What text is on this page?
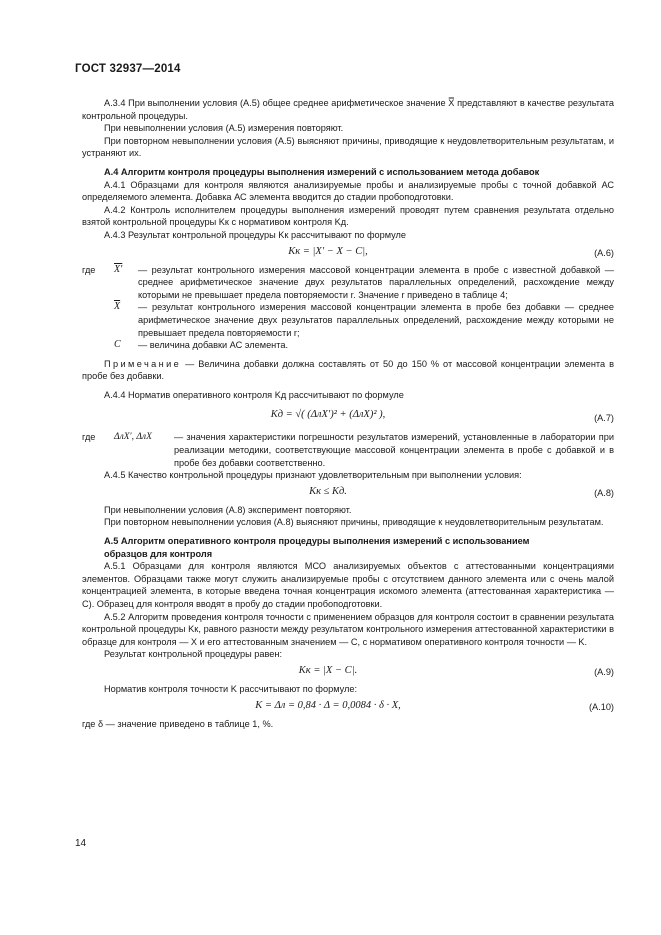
ГОСТ 32937—2014

А.3.4 При выполнении условия (А.5) общее среднее арифметическое значение X̿ представляют в качестве результата контрольной процедуры.

При невыполнении условия (А.5) измерения повторяют.

При повторном невыполнении условия (А.5) выясняют причины, приводящие к неудовлетворительным результатам, и устраняют их.

А.4 Алгоритм контроля процедуры выполнения измерений с использованием метода добавок

А.4.1 Образцами для контроля являются анализируемые пробы и анализируемые пробы с точной добавкой АС определяемого элемента. Добавка АС элемента вводится до стадии пробоподготовки.

А.4.2 Контроль исполнителем процедуры выполнения измерений проводят путем сравнения результата отдельно взятой контрольной процедуры Kк с нормативом контроля Kд.

А.4.3 Результат контрольной процедуры Kк рассчитывают по формуле

Kк = |X′ − X − C|,	(А.6)
где	X′	— результат контрольного измерения массовой концентрации элемента в пробе с известной добавкой — среднее арифметическое значение двух результатов параллельных определений, расхождение между которыми не превышает предела повторяемости r. Значение r приведено в таблице 4;
$\overline{X}$	— результат контрольного измерения массовой концентрации элемента в пробе без добавки — среднее арифметическое значение двух результатов параллельных определений, расхождение между которыми не превышает предела повторяемости r;
C	— величина добавки АС элемента.

Примечание — Величина добавки должна составлять от 50 до 150 % от массовой концентрации элемента в пробе без добавки.

А.4.4 Норматив оперативного контроля Kд рассчитывают по формуле

Kд = √( (ΔлX′)² + (ΔлX)² ),	(А.7)
где	ΔлX′, ΔлX	— значения характеристики погрешности результатов измерений, установленные в лаборатории при реализации методики, соответствующие массовой концентрации элемента в пробе с добавкой и в пробе без добавки соответственно.

А.4.5 Качество контрольной процедуры признают удовлетворительным при выполнении условия:

Kк ≤ Kд.	(А.8)

При невыполнении условия (А.8) эксперимент повторяют.

При повторном невыполнении условия (А.8) выясняют причины, приводящие к неудовлетворительным результатам.

А.5 Алгоритм оперативного контроля процедуры выполнения измерений с использованием
образцов для контроля

А.5.1 Образцами для контроля являются МСО анализируемых объектов с аттестованными концентрациями элементов. Образцами также могут служить анализируемые пробы с отсутствием данного элемента или с очень малой концентрацией элемента, в которые введена точная концентрация искомого элемента (аттестованная характеристика — C). Образец для контроля вводят в пробу до стадии пробоподготовки.

А.5.2 Алгоритм проведения контроля точности с применением образцов для контроля состоит в сравнении результата контрольной процедуры Kк, равного разности между результатом контрольного измерения аттестованной характеристики в образце для контроля — X и его аттестованным значением — C, с нормативом оперативного контроля точности — K.

Результат контрольной процедуры равен:

Kк = |X − C|.	(А.9)

Норматив контроля точности K рассчитывают по формуле:

K = Δл = 0,84 · Δ = 0,0084 · δ · X,	(А.10)

где δ — значение приведено в таблице 1, %.

14
